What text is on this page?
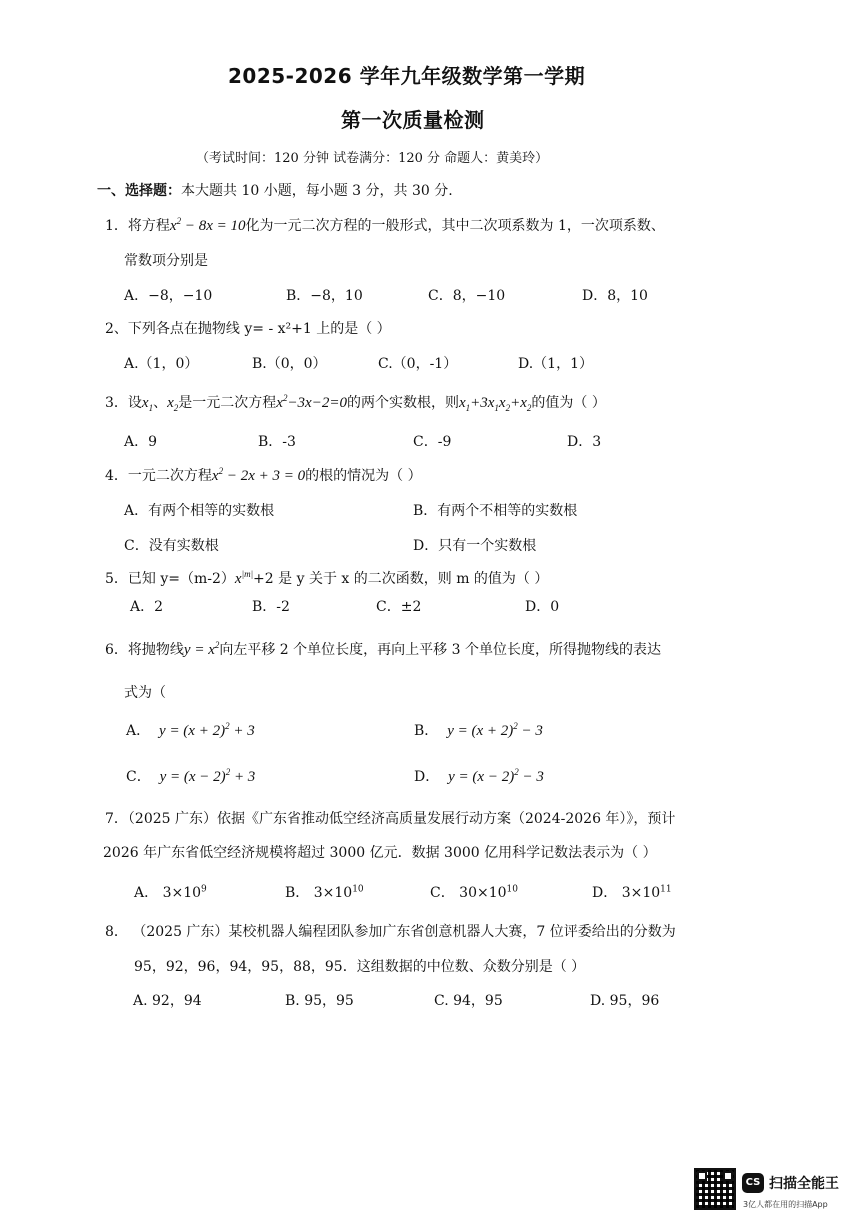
2025-2026 学年九年级数学第一学期
第一次质量检测
（考试时间：120 分钟 试卷满分：120 分 命题人：黄美玲）
一、选择题：本大题共 10 小题，每小题 3 分，共 30 分.
1．将方程$x^2 - 8x = 10$化为一元二次方程的一般形式，其中二次项系数为 1，一次项系数、
常数项分别是
A．−8，−10	B．−8，10	C．8，−10	D．8，10
2、下列各点在抛物线 y= - x²+1 上的是（ ）
A.（1，0）	B.（0，0）	C.（0，-1）	D.（1，1）
3．设$x_1$、$x_2$是一元二次方程$x^2-3x-2=0$的两个实数根，则$x_1+3x_1x_2+x_2$的值为（ ）
A．9	B．-3	C．-9	D．3
4．一元二次方程$x^2 - 2x + 3 = 0$的根的情况为（ ）
A．有两个相等的实数根	B．有两个不相等的实数根
C．没有实数根	D．只有一个实数根
5．已知 $y=(m-2)x^{|m|}+2$ 是 y 关于 x 的二次函数，则 m 的值为（ ）
A．2	B．-2	C．±2	D．0
6．将抛物线$y = x^2$向左平移 2 个单位长度，再向上平移 3 个单位长度，所得抛物线的表达
式为（
A． $y = (x + 2)^2 + 3$	B． $y = (x + 2)^2 - 3$
C． $y = (x - 2)^2 + 3$	D． $y = (x - 2)^2 - 3$
7．（2025 广东）依据《广东省推动低空经济高质量发展行动方案（2024-2026 年）》，预计
2026 年广东省低空经济规模将超过 3000 亿元．数据 3000 亿用科学记数法表示为（ ）
A． $3\times 10^9$	B． $3\times 10^{10}$	C． $30\times 10^{10}$	D． $3\times 10^{11}$
8． （2025 广东）某校机器人编程团队参加广东省创意机器人大赛，7 位评委给出的分数为
95，92，96，94，95，88，95．这组数据的中位数、众数分别是（ ）
A. 92，94	B. 95，95	C. 94，95	D. 95，96
CS 扫描全能王
3亿人都在用的扫描App
